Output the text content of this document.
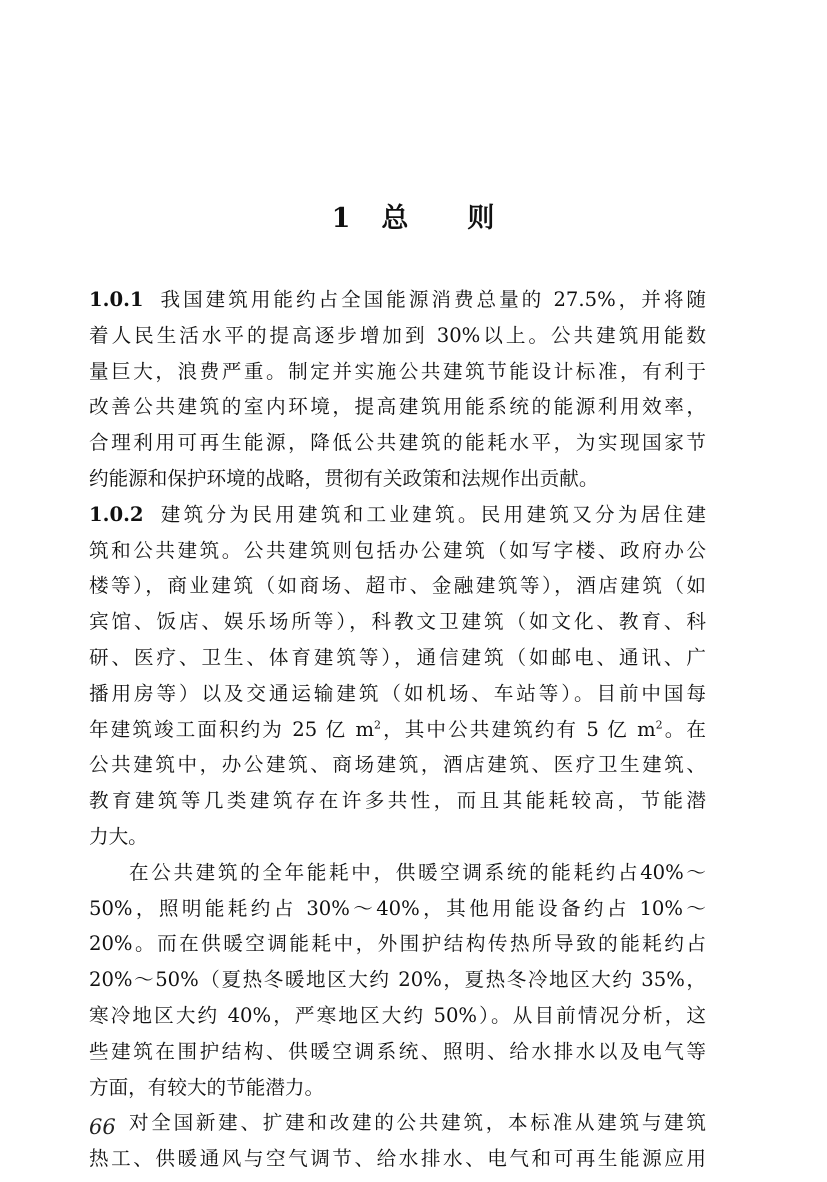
1 总 则
1.0.1 我国建筑用能约占全国能源消费总量的 27.5%，并将随
着人民生活水平的提高逐步增加到 30%以上。公共建筑用能数
量巨大，浪费严重。制定并实施公共建筑节能设计标准，有利于
改善公共建筑的室内环境，提高建筑用能系统的能源利用效率，
合理利用可再生能源，降低公共建筑的能耗水平，为实现国家节
约能源和保护环境的战略，贯彻有关政策和法规作出贡献。
1.0.2 建筑分为民用建筑和工业建筑。民用建筑又分为居住建
筑和公共建筑。公共建筑则包括办公建筑（如写字楼、政府办公
楼等），商业建筑（如商场、超市、金融建筑等），酒店建筑（如
宾馆、饭店、娱乐场所等），科教文卫建筑（如文化、教育、科
研、医疗、卫生、体育建筑等），通信建筑（如邮电、通讯、广
播用房等）以及交通运输建筑（如机场、车站等）。目前中国每
年建筑竣工面积约为 25 亿 $m^2$，其中公共建筑约有 5 亿 $m^2$。在
公共建筑中，办公建筑、商场建筑，酒店建筑、医疗卫生建筑、
教育建筑等几类建筑存在许多共性，而且其能耗较高，节能潜
力大。
在公共建筑的全年能耗中，供暖空调系统的能耗约占40%～
50%，照明能耗约占 30%～40%，其他用能设备约占 10%～
20%。而在供暖空调能耗中，外围护结构传热所导致的能耗约占
20%～50%（夏热冬暖地区大约 20%，夏热冬冷地区大约 35%，
寒冷地区大约 40%，严寒地区大约 50%）。从目前情况分析，这
些建筑在围护结构、供暖空调系统、照明、给水排水以及电气等
方面，有较大的节能潜力。
对全国新建、扩建和改建的公共建筑，本标准从建筑与建筑
热工、供暖通风与空气调节、给水排水、电气和可再生能源应用
66
